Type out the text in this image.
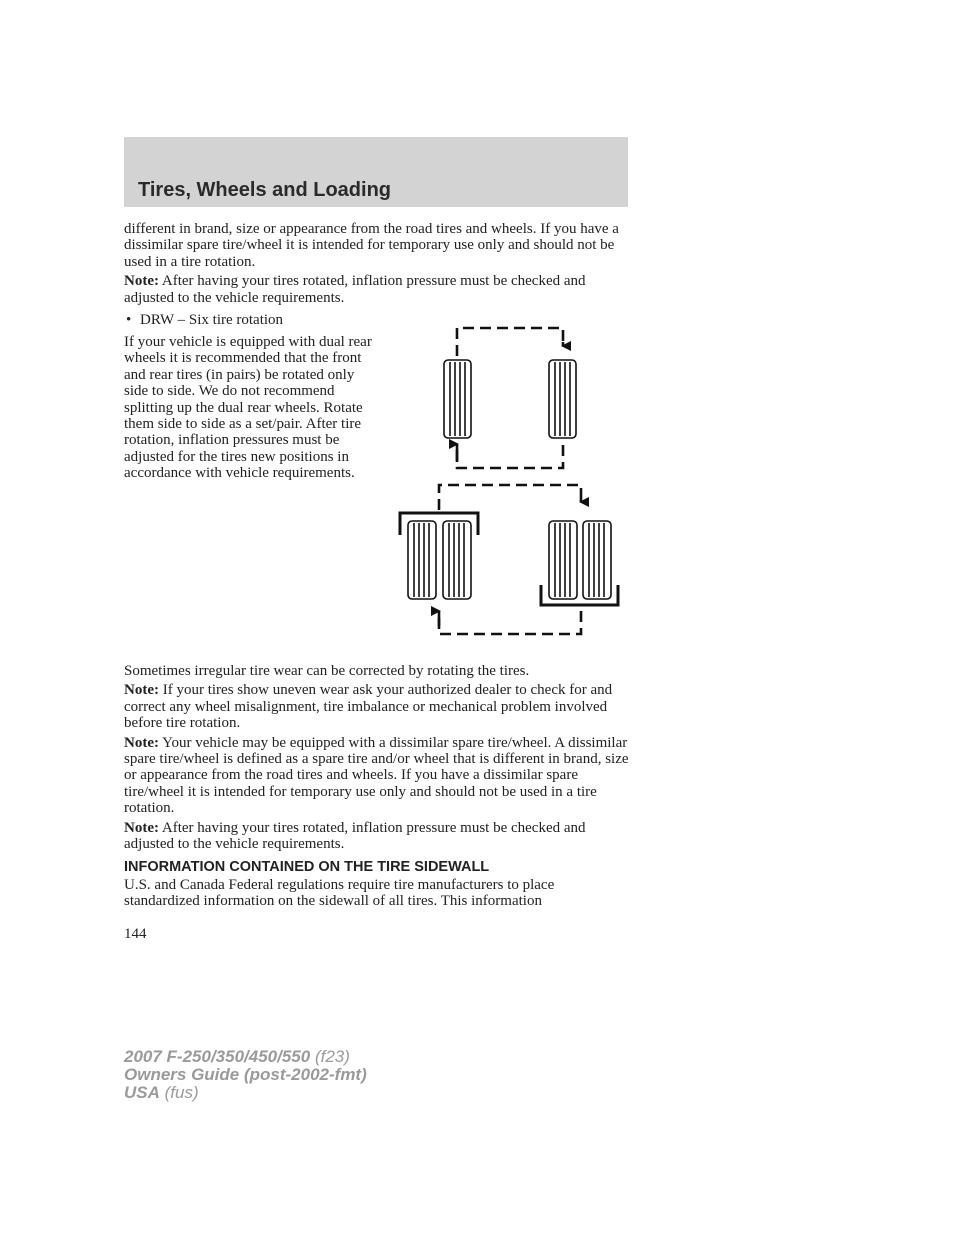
Tires, Wheels and Loading

different in brand, size or appearance from the road tires and wheels. If you have a dissimilar spare tire/wheel it is intended for temporary use only and should not be used in a tire rotation.

Note: After having your tires rotated, inflation pressure must be checked and adjusted to the vehicle requirements.

• DRW – Six tire rotation

If your vehicle is equipped with dual rear wheels it is recommended that the front and rear tires (in pairs) be rotated only side to side. We do not recommend splitting up the dual rear wheels. Rotate them side to side as a set/pair. After tire rotation, inflation pressures must be adjusted for the tires new positions in accordance with vehicle requirements.

Sometimes irregular tire wear can be corrected by rotating the tires.

Note: If your tires show uneven wear ask your authorized dealer to check for and correct any wheel misalignment, tire imbalance or mechanical problem involved before tire rotation.

Note: Your vehicle may be equipped with a dissimilar spare tire/wheel. A dissimilar spare tire/wheel is defined as a spare tire and/or wheel that is different in brand, size or appearance from the road tires and wheels. If you have a dissimilar spare tire/wheel it is intended for temporary use only and should not be used in a tire rotation.

Note: After having your tires rotated, inflation pressure must be checked and adjusted to the vehicle requirements.

INFORMATION CONTAINED ON THE TIRE SIDEWALL

U.S. and Canada Federal regulations require tire manufacturers to place standardized information on the sidewall of all tires. This information

144
2007 F-250/350/450/550 (f23)
Owners Guide (post-2002-fmt)
USA (fus)
